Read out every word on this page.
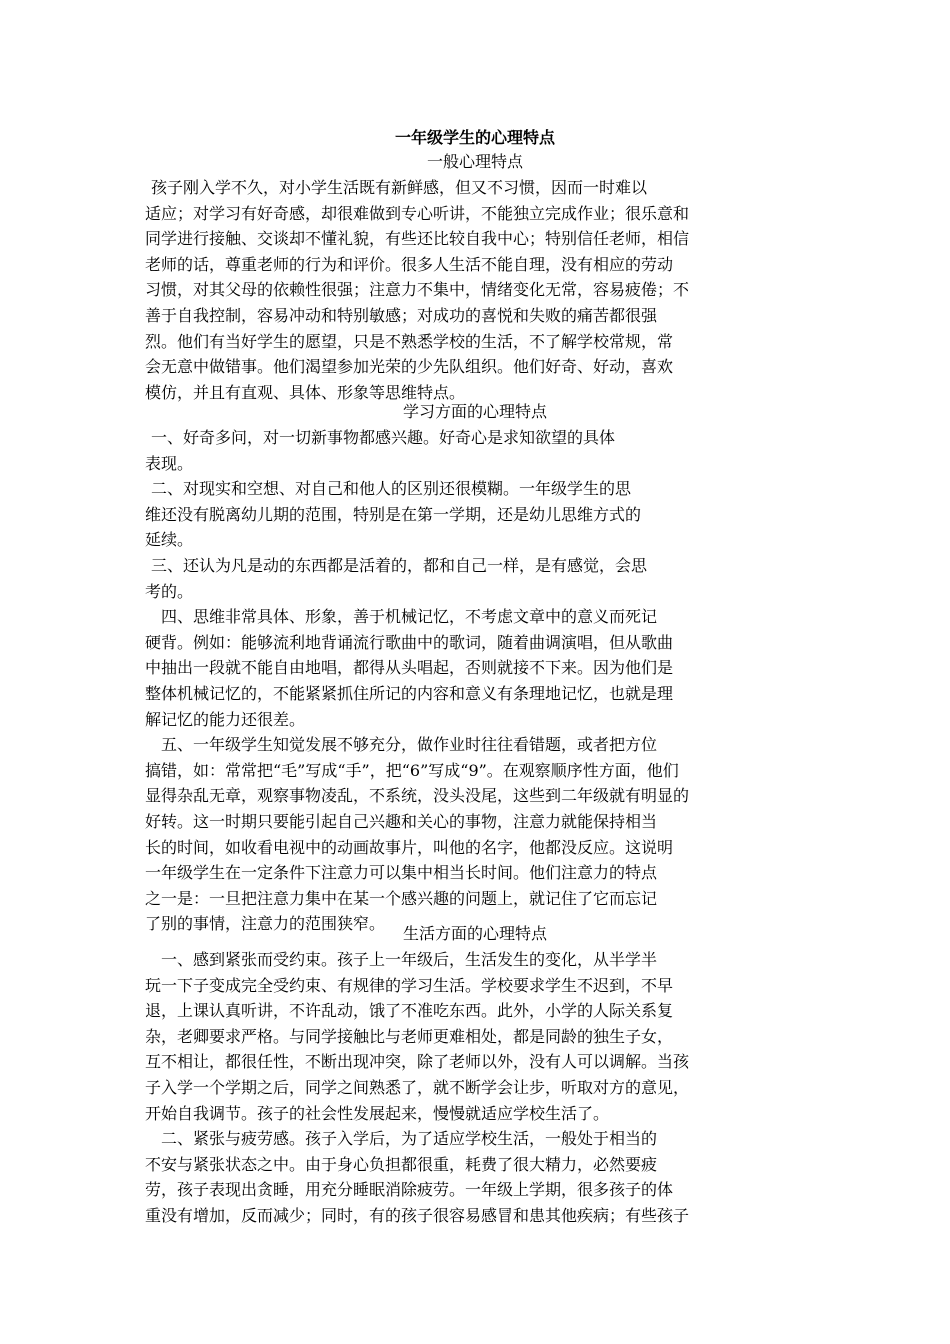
一年级学生的心理特点
一般心理特点
孩子刚入学不久，对小学生活既有新鲜感，但又不习惯，因而一时难以
适应；对学习有好奇感，却很难做到专心听讲，不能独立完成作业；很乐意和
同学进行接触、交谈却不懂礼貌，有些还比较自我中心；特别信任老师，相信
老师的话，尊重老师的行为和评价。很多人生活不能自理，没有相应的劳动
习惯，对其父母的依赖性很强；注意力不集中，情绪变化无常，容易疲倦；不
善于自我控制，容易冲动和特别敏感；对成功的喜悦和失败的痛苦都很强
烈。他们有当好学生的愿望，只是不熟悉学校的生活，不了解学校常规，常
会无意中做错事。他们渴望参加光荣的少先队组织。他们好奇、好动，喜欢
模仿，并且有直观、具体、形象等思维特点。
学习方面的心理特点
一、好奇多问，对一切新事物都感兴趣。好奇心是求知欲望的具体
表现。
二、对现实和空想、对自己和他人的区别还很模糊。一年级学生的思
维还没有脱离幼儿期的范围，特别是在第一学期，还是幼儿思维方式的
延续。
三、还认为凡是动的东西都是活着的，都和自己一样，是有感觉，会思
考的。
四、思维非常具体、形象，善于机械记忆，不考虑文章中的意义而死记
硬背。例如：能够流利地背诵流行歌曲中的歌词，随着曲调演唱，但从歌曲
中抽出一段就不能自由地唱，都得从头唱起，否则就接不下来。因为他们是
整体机械记忆的，不能紧紧抓住所记的内容和意义有条理地记忆，也就是理
解记忆的能力还很差。
五、一年级学生知觉发展不够充分，做作业时往往看错题，或者把方位
搞错，如：常常把“毛”写成“手”，把“6”写成“9”。在观察顺序性方面，他们
显得杂乱无章，观察事物凌乱，不系统，没头没尾，这些到二年级就有明显的
好转。这一时期只要能引起自己兴趣和关心的事物，注意力就能保持相当
长的时间，如收看电视中的动画故事片，叫他的名字，他都没反应。这说明
一年级学生在一定条件下注意力可以集中相当长时间。他们注意力的特点
之一是：一旦把注意力集中在某一个感兴趣的问题上，就记住了它而忘记
了别的事情，注意力的范围狭窄。
生活方面的心理特点
一、感到紧张而受约束。孩子上一年级后，生活发生的变化，从半学半
玩一下子变成完全受约束、有规律的学习生活。学校要求学生不迟到，不早
退，上课认真听讲，不许乱动，饿了不准吃东西。此外，小学的人际关系复
杂，老卿要求严格。与同学接触比与老师更难相处，都是同龄的独生子女，
互不相让，都很任性，不断出现冲突，除了老师以外，没有人可以调解。当孩
子入学一个学期之后，同学之间熟悉了，就不断学会让步，听取对方的意见，
开始自我调节。孩子的社会性发展起来，慢慢就适应学校生活了。
二、紧张与疲劳感。孩子入学后，为了适应学校生活，一般处于相当的
不安与紧张状态之中。由于身心负担都很重，耗费了很大精力，必然要疲
劳，孩子表现出贪睡，用充分睡眠消除疲劳。一年级上学期，很多孩子的体
重没有增加，反而减少；同时，有的孩子很容易感冒和患其他疾病；有些孩子
